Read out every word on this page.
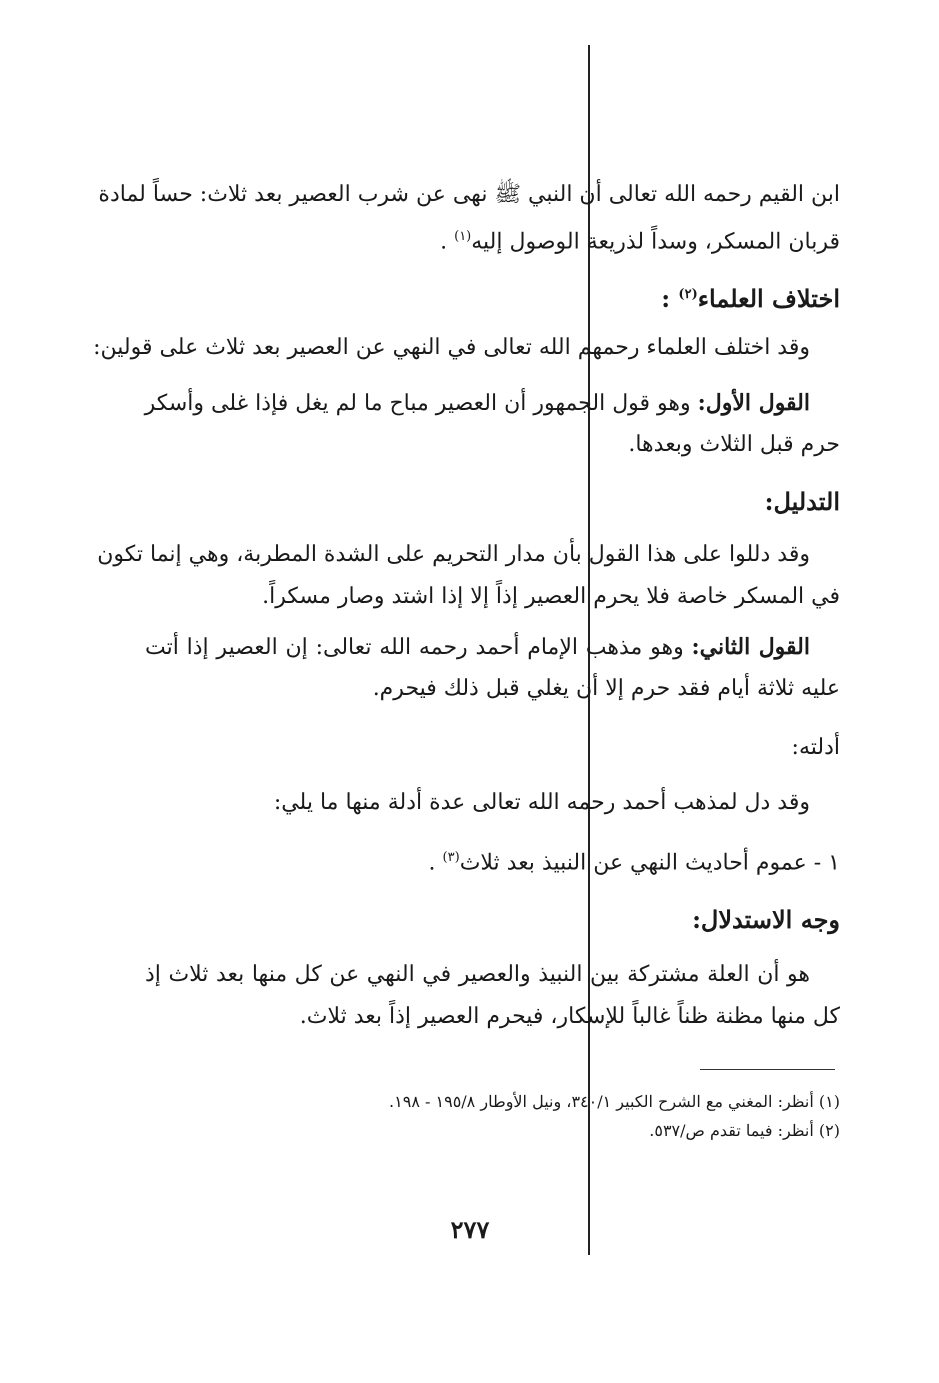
ابن القيم رحمه الله تعالى أن النبي ﷺ نهى عن شرب العصير بعد ثلاث: حساً لمادة
قربان المسكر، وسداً لذريعة الوصول إليه$^{(١)}$ .
اختلاف العلماء$^{(٢)}$ :
وقد اختلف العلماء رحمهم الله تعالى في النهي عن العصير بعد ثلاث على قولين:
القول الأول: وهو قول الجمهور أن العصير مباح ما لم يغل فإذا غلى وأسكر
حرم قبل الثلاث وبعدها.
التدليل:
وقد دللوا على هذا القول بأن مدار التحريم على الشدة المطربة، وهي إنما تكون
في المسكر خاصة فلا يحرم العصير إذاً إلا إذا اشتد وصار مسكراً.
القول الثاني: وهو مذهب الإمام أحمد رحمه الله تعالى: إن العصير إذا أتت
عليه ثلاثة أيام فقد حرم إلا أن يغلي قبل ذلك فيحرم.
أدلته:
وقد دل لمذهب أحمد رحمه الله تعالى عدة أدلة منها ما يلي:
١ - عموم أحاديث النهي عن النبيذ بعد ثلاث$^{(٣)}$ .
وجه الاستدلال:
هو أن العلة مشتركة بين النبيذ والعصير في النهي عن كل منها بعد ثلاث إذ
كل منها مظنة ظناً غالباً للإسكار، فيحرم العصير إذاً بعد ثلاث.
(١) أنظر: المغني مع الشرح الكبير ٣٤٠/١، ونيل الأوطار ١٩٥/٨ - ١٩٨.
(٢) أنظر: فيما تقدم ص/٥٣٧.
٢٧٧
